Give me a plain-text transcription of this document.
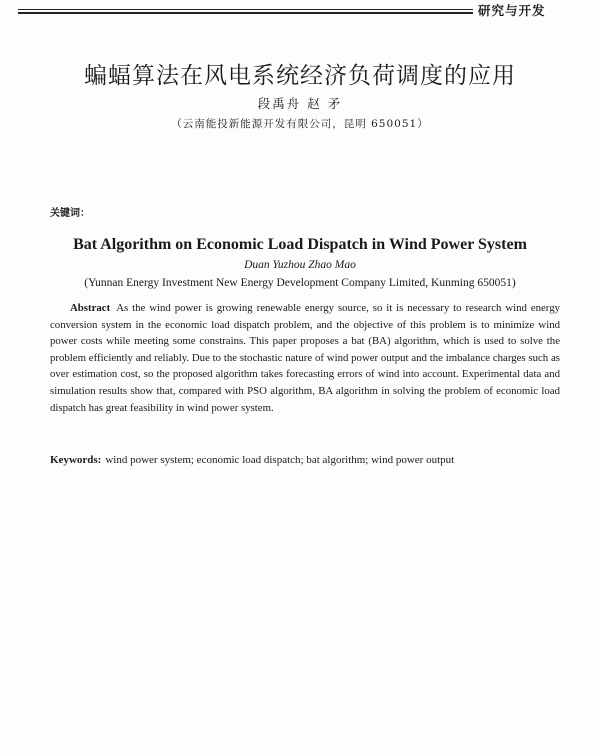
研究与开发
蝙蝠算法在风电系统经济负荷调度的应用
段禹舟 赵 矛
（云南能投新能源开发有限公司，昆明 650051）
关键词：
Bat Algorithm on Economic Load Dispatch in Wind Power System
Duan Yuzhou Zhao Mao
(Yunnan Energy Investment New Energy Development Company Limited, Kunming 650051)
Abstract As the wind power is growing renewable energy source, so it is necessary to research wind energy conversion system in the economic load dispatch problem, and the objective of this problem is to minimize wind power costs while meeting some constrains. This paper proposes a bat (BA) algorithm, which is used to solve the problem efficiently and reliably. Due to the stochastic nature of wind power output and the imbalance charges such as over estimation cost, so the proposed algorithm takes forecasting errors of wind into account. Experimental data and simulation results show that, compared with PSO algorithm, BA algorithm in solving the problem of economic load dispatch has great feasibility in wind power system.
Keywords: wind power system; economic load dispatch; bat algorithm; wind power output
